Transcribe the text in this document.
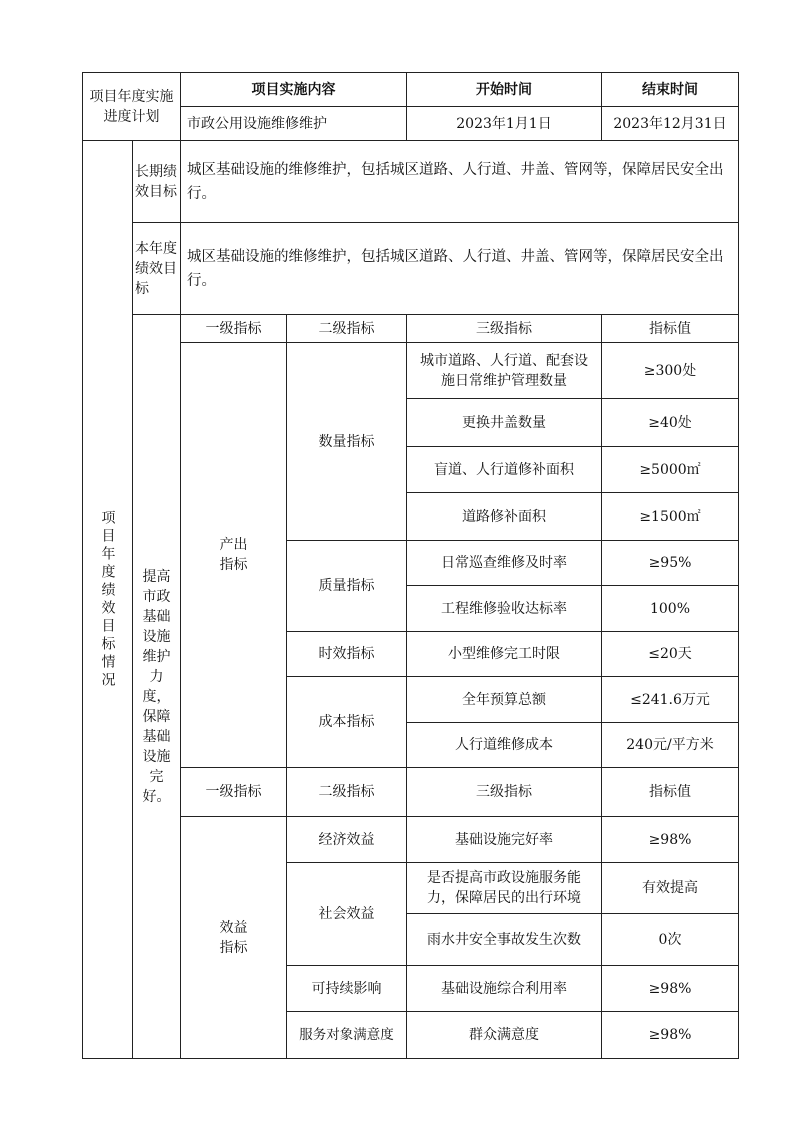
项目年度实施进度计划		项目实施内容		开始时间	结束时间
		市政公用设施维修维护		2023年1月1日	2023年12月31日

项目年度绩效目标情况	长期绩效目标	城区基础设施的维修维护，包括城区道路、人行道、井盖、管网等，保障居民安全出行。			
	本年度绩效目标	城区基础设施的维修维护，包括城区道路、人行道、井盖、管网等，保障居民安全出行。			

	提高市政基础设施维护力度，保障基础设施完好。	一级指标	二级指标	三级指标	指标值

		产出指标	数量指标	城市道路、人行道、配套设施日常维护管理数量	≥300处
				更换井盖数量	≥40处
				盲道、人行道修补面积	≥5000㎡
				道路修补面积	≥1500㎡
			质量指标	日常巡查维修及时率	≥95%
				工程维修验收达标率	100%
			时效指标	小型维修完工时限	≤20天
			成本指标	全年预算总额	≤241.6万元
				人行道维修成本	240元/平方米
		一级指标	二级指标	三级指标	指标值

		效益指标	经济效益	基础设施完好率	≥98%
			社会效益	是否提高市政设施服务能力，保障居民的出行环境	有效提高
				雨水井安全事故发生次数	0次
			可持续影响	基础设施综合利用率	≥98%
			服务对象满意度	群众满意度	≥98%
